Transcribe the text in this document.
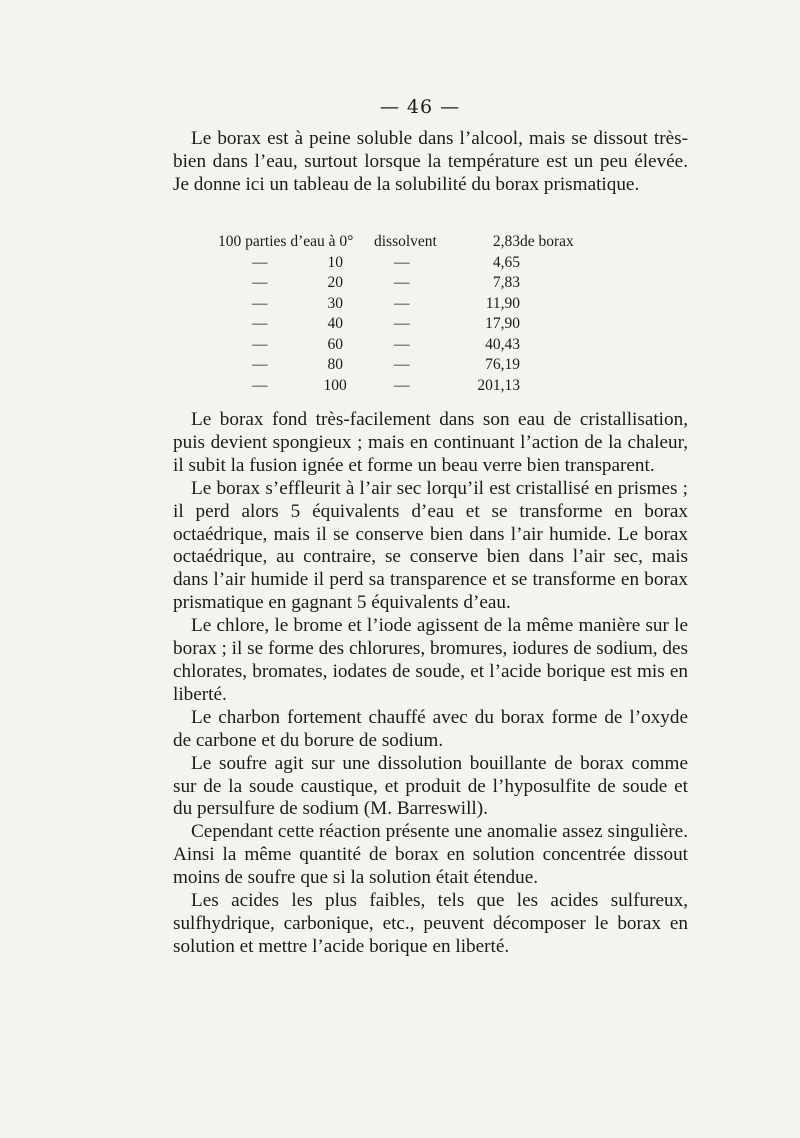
— 46 —

Le borax est à peine soluble dans l’alcool, mais se dissout très-bien dans l’eau, surtout lorsque la température est un peu élevée. Je donne ici un tableau de la solubilité du borax prismatique.

100 parties d’eau à 0°	dissolvent	2,83	de borax
— 10	—	4,65	
— 20	—	7,83	
— 30	—	11,90	
— 40	—	17,90	
— 60	—	40,43	
— 80	—	76,19	
— 100	—	201,13	

Le borax fond très-facilement dans son eau de cristallisation, puis devient spongieux ; mais en continuant l’action de la chaleur, il subit la fusion ignée et forme un beau verre bien transparent.

Le borax s’effleurit à l’air sec lorqu’il est cristallisé en prismes ; il perd alors 5 équivalents d’eau et se transforme en borax octaédrique, mais il se conserve bien dans l’air humide. Le borax octaédrique, au contraire, se conserve bien dans l’air sec, mais dans l’air humide il perd sa transparence et se transforme en borax prismatique en gagnant 5 équivalents d’eau.

Le chlore, le brome et l’iode agissent de la même manière sur le borax ; il se forme des chlorures, bromures, iodures de sodium, des chlorates, bromates, iodates de soude, et l’acide borique est mis en liberté.

Le charbon fortement chauffé avec du borax forme de l’oxyde de carbone et du borure de sodium.

Le soufre agit sur une dissolution bouillante de borax comme sur de la soude caustique, et produit de l’hyposulfite de soude et du persulfure de sodium (M. Barreswill).

Cependant cette réaction présente une anomalie assez singulière. Ainsi la même quantité de borax en solution concentrée dissout moins de soufre que si la solution était étendue.

Les acides les plus faibles, tels que les acides sulfureux, sulfhydrique, carbonique, etc., peuvent décomposer le borax en solution et mettre l’acide borique en liberté.
